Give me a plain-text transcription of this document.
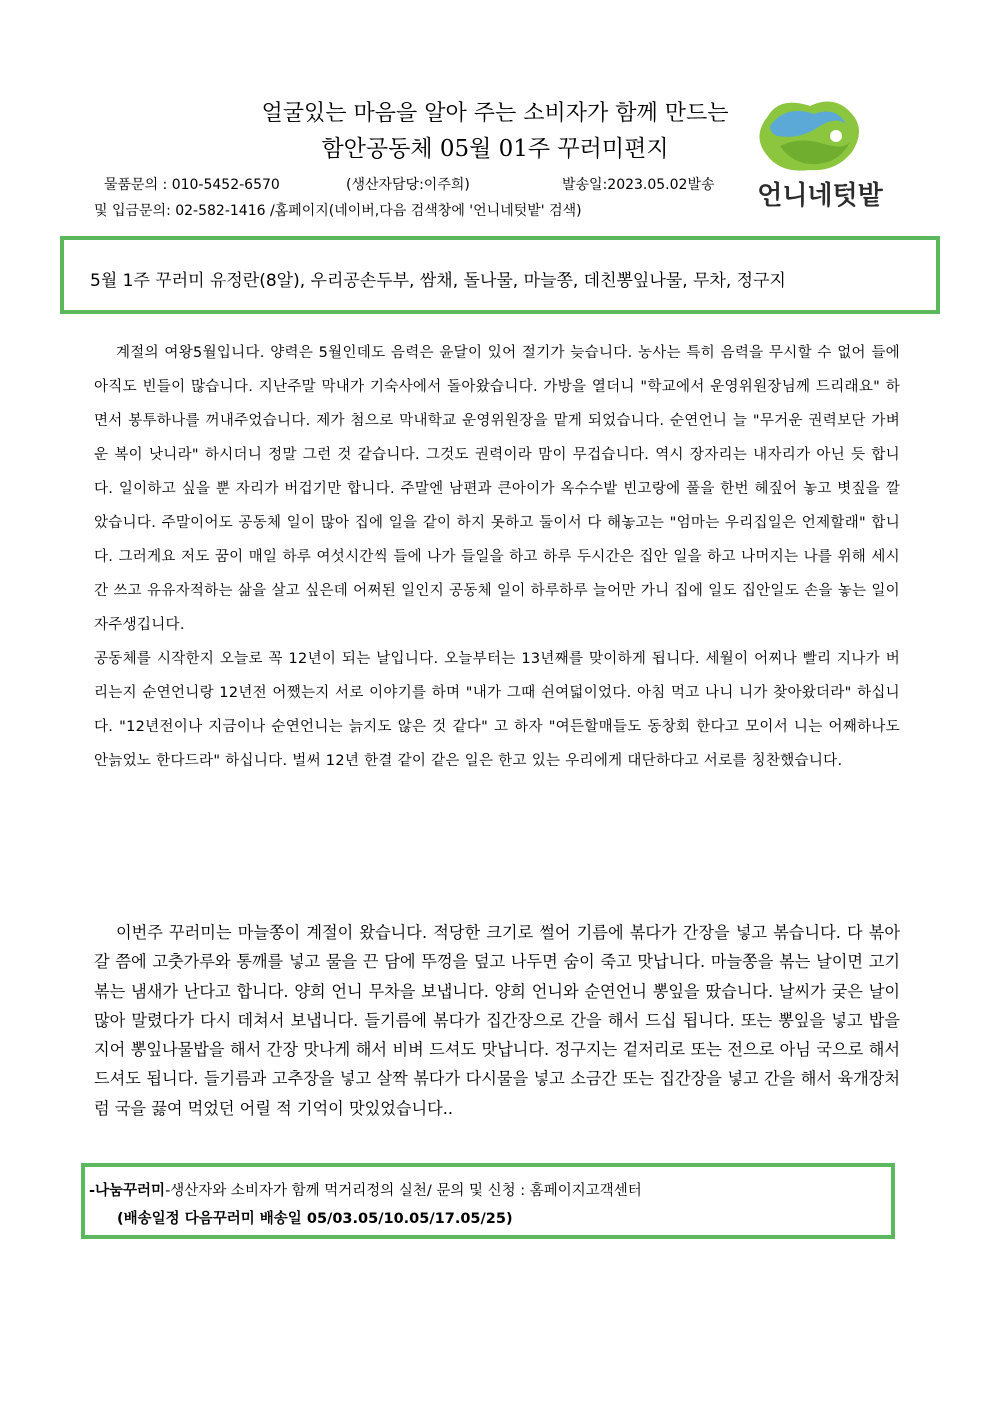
얼굴있는 마음을 알아 주는 소비자가 함께 만드는
함안공동체 05월 01주 꾸러미편지
물품문의 : 010-5452-6570	(생산자담당:이주희)	발송일:2023.05.02발송
및 입금문의: 02-582-1416 /홈페이지(네이버,다음 검색창에 '언니네텃밭' 검색)	언니네텃밭
5월 1주 꾸러미 유정란(8알), 우리공손두부, 쌈채, 돌나물, 마늘쫑, 데친뽕잎나물, 무차, 정구지

계절의 여왕5월입니다. 양력은 5월인데도 음력은 윤달이 있어 절기가 늦습니다. 농사는 특히 음력을 무시할 수 없어 들에 아직도 빈들이 많습니다. 지난주말 막내가 기숙사에서 돌아왔습니다. 가방을 열더니 "학교에서 운영위원장님께 드리래요" 하면서 봉투하나를 꺼내주었습니다. 제가 첨으로 막내학교 운영위원장을 맡게 되었습니다. 순연언니 늘 "무거운 권력보단 가벼운 복이 낫니라" 하시더니 정말 그런 것 같습니다. 그것도 권력이라 맘이 무겁습니다. 역시 장자리는 내자리가 아닌 듯 합니다. 일이하고 싶을 뿐 자리가 버겁기만 합니다. 주말엔 남편과 큰아이가 옥수수밭 빈고랑에 풀을 한번 헤짚어 놓고 볏짚을 깔았습니다. 주말이어도 공동체 일이 많아 집에 일을 같이 하지 못하고 둘이서 다 해놓고는 "엄마는 우리집일은 언제할래" 합니다. 그러게요 저도 꿈이 매일 하루 여섯시간씩 들에 나가 들일을 하고 하루 두시간은 집안 일을 하고 나머지는 나를 위해 세시간 쓰고 유유자적하는 삶을 살고 싶은데 어쩌된 일인지 공동체 일이 하루하루 늘어만 가니 집에 일도 집안일도 손을 놓는 일이 자주생깁니다.

공동체를 시작한지 오늘로 꼭 12년이 되는 날입니다. 오늘부터는 13년째를 맞이하게 됩니다. 세월이 어찌나 빨리 지나가 버리는지 순연언니랑 12년전 어쨌는지 서로 이야기를 하며 "내가 그때 쉰여덟이었다. 아침 먹고 나니 니가 찾아왔더라" 하십니다. "12년전이나 지금이나 순연언니는 늙지도 않은 것 같다" 고 하자 "여든할매들도 동창회 한다고 모이서 니는 어째하나도 안늙었노 한다드라" 하십니다. 벌써 12년 한결 같이 같은 일은 한고 있는 우리에게 대단하다고 서로를 칭찬했습니다.

이번주 꾸러미는 마늘쫑이 계절이 왔습니다. 적당한 크기로 썰어 기름에 볶다가 간장을 넣고 볶습니다. 다 볶아갈 쯤에 고춧가루와 통깨를 넣고 물을 끈 담에 뚜껑을 덮고 나두면 숨이 죽고 맛납니다. 마늘쫑을 볶는 날이면 고기 볶는 냄새가 난다고 합니다. 양희 언니 무차을 보냅니다. 양희 언니와 순연언니 뽕잎을 땄습니다. 날씨가 궂은 날이 많아 말렸다가 다시 데쳐서 보냅니다. 들기름에 볶다가 집간장으로 간을 해서 드십 됩니다. 또는 뽕잎을 넣고 밥을 지어 뽕잎나물밥을 해서 간장 맛나게 해서 비벼 드셔도 맛납니다. 정구지는 겉저리로 또는 전으로 아님 국으로 해서 드셔도 됩니다. 들기름과 고추장을 넣고 살짝 볶다가 다시물을 넣고 소금간 또는 집간장을 넣고 간을 해서 육개장처럼 국을 끓여 먹었던 어릴 적 기억이 맛있었습니다..

-나눔꾸러미-생산자와 소비자가 함께 먹거리정의 실천/ 문의 및 신청 : 홈페이지고객센터
(배송일정 다음꾸러미 배송일 05/03.05/10.05/17.05/25)
